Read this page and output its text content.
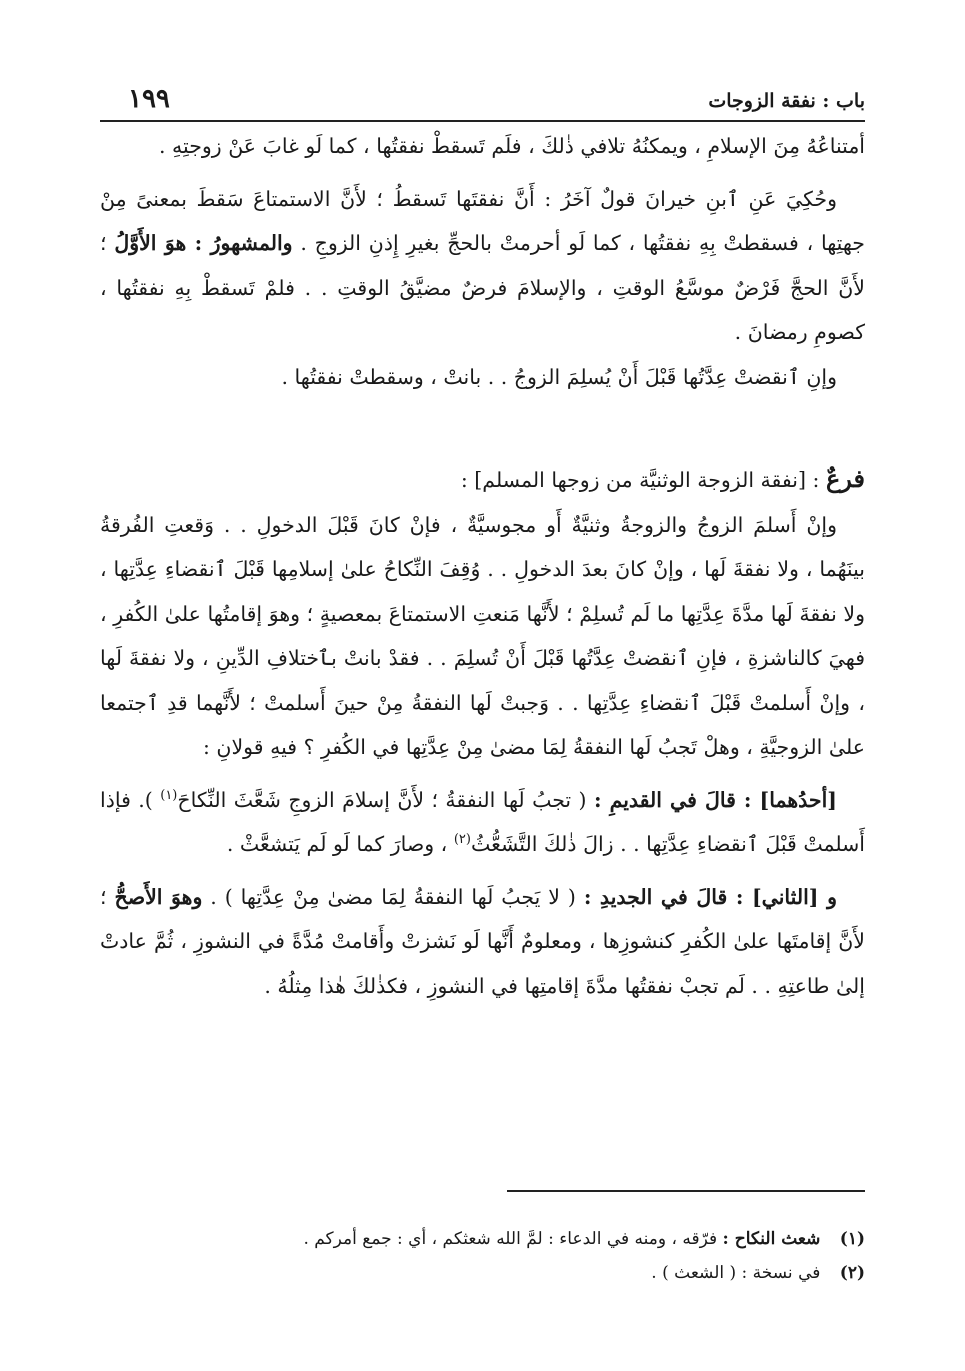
باب : نفقة الزوجات
١٩٩

أمتناعُهُ مِنَ الإسلامِ ، ويمكنُهُ تلافي ذٰلكَ ، فلَم تَسقطْ نفقتُها ، كما لَو غابَ عَنْ زوجتِهِ .

وحُكِيَ عَنِ ٱبنِ خيرانَ قولٌ آخَرُ : أَنَّ نفقتَها تَسقطُ ؛ لأَنَّ الاستمتاعَ سَقطَ بمعنىً مِنْ جهتِها ، فسقطتْ بِهِ نفقتُها ، كما لَو أحرمتْ بالحجِّ بغيرِ إِذنِ الزوجِ . والمشهورُ : هوَ الأَوَّلُ ؛ لأَنَّ الحجَّ فَرْضٌ موسَّعُ الوقتِ ، والإسلامَ فرضٌ مضيَّقُ الوقتِ . . فلمْ تَسقطْ بِهِ نفقتُها ، كصومِ رمضانَ .

وإنِ ٱنقضتْ عِدَّتُها قَبْلَ أَنْ يُسلِمَ الزوجُ . . بانتْ ، وسقطتْ نفقتُها .

فرعٌ : [نفقة الزوجة الوثنيَّة من زوجها المسلم] :

وإنْ أَسلمَ الزوجُ والزوجةُ وثنيَّةٌ أَو مجوسيَّةٌ ، فإنْ كانَ قَبْلَ الدخولِ . . وَقعتِ الفُرقةُ بينَهُما ، ولا نفقةَ لَها ، وإنْ كانَ بعدَ الدخولِ . . وُقِفَ النِّكاحُ علىٰ إسلامِها قَبْلَ ٱنقضاءِ عِدَّتِها ، ولا نفقةَ لَها مدَّةَ عِدَّتِها ما لَم تُسلِمْ ؛ لأَنَّها مَنعتِ الاستمتاعَ بمعصيةٍ ؛ وهوَ إقامتُها علىٰ الكُفرِ ، فهيَ كالناشزةِ ، فإنِ ٱنقضتْ عِدَّتُها قَبْلَ أَنْ تُسلِمَ . . فقدْ بانتْ بٱختلافِ الدِّينِ ، ولا نفقةَ لَها ، وإنْ أَسلمتْ قَبْلَ ٱنقضاءِ عِدَّتِها . . وَجبتْ لَها النفقةُ مِنْ حينَ أَسلمتْ ؛ لأَنَّهما قدِ ٱجتمعا علىٰ الزوجيَّةِ ، وهلْ تَجبُ لَها النفقةُ لِمَا مضىٰ مِنْ عِدَّتِها في الكُفرِ ؟ فيهِ قولانِ :

[أحدُهما] : قالَ في القديمِ : ( تجبُ لَها النفقةُ ؛ لأَنَّ إسلامَ الزوجِ شَعَّثَ النِّكاحَ$^{(١)}$ ). فإذا أَسلمتْ قَبْلَ ٱنقضاءِ عِدَّتِها . . زالَ ذٰلكَ التَّشَعُّثُ$^{(٢)}$ ، وصارَ كما لَو لَم يَتشعَّثْ .

و [الثاني] : قالَ في الجديدِ : ( لا يَجبُ لَها النفقةُ لِمَا مضىٰ مِنْ عِدَّتِها ) . وهوَ الأَصحُّ ؛ لأَنَّ إقامتَها علىٰ الكُفرِ كنشوزِها ، ومعلومٌ أَنَّها لَو نَشزتْ وأَقامتْ مُدَّةً في النشوزِ ، ثُمَّ عادتْ إلىٰ طاعتِهِ . . لَم تجبْ نفقتُها مدَّةَ إقامتِها في النشوزِ ، فكذٰلكَ هٰذا مِثلُهُ .

(١) شعث النكاح : فرّقه ، ومنه في الدعاء : لمَّ الله شعثكم ، أي : جمع أمركم .
(٢) في نسخة : ( الشعث ) .
